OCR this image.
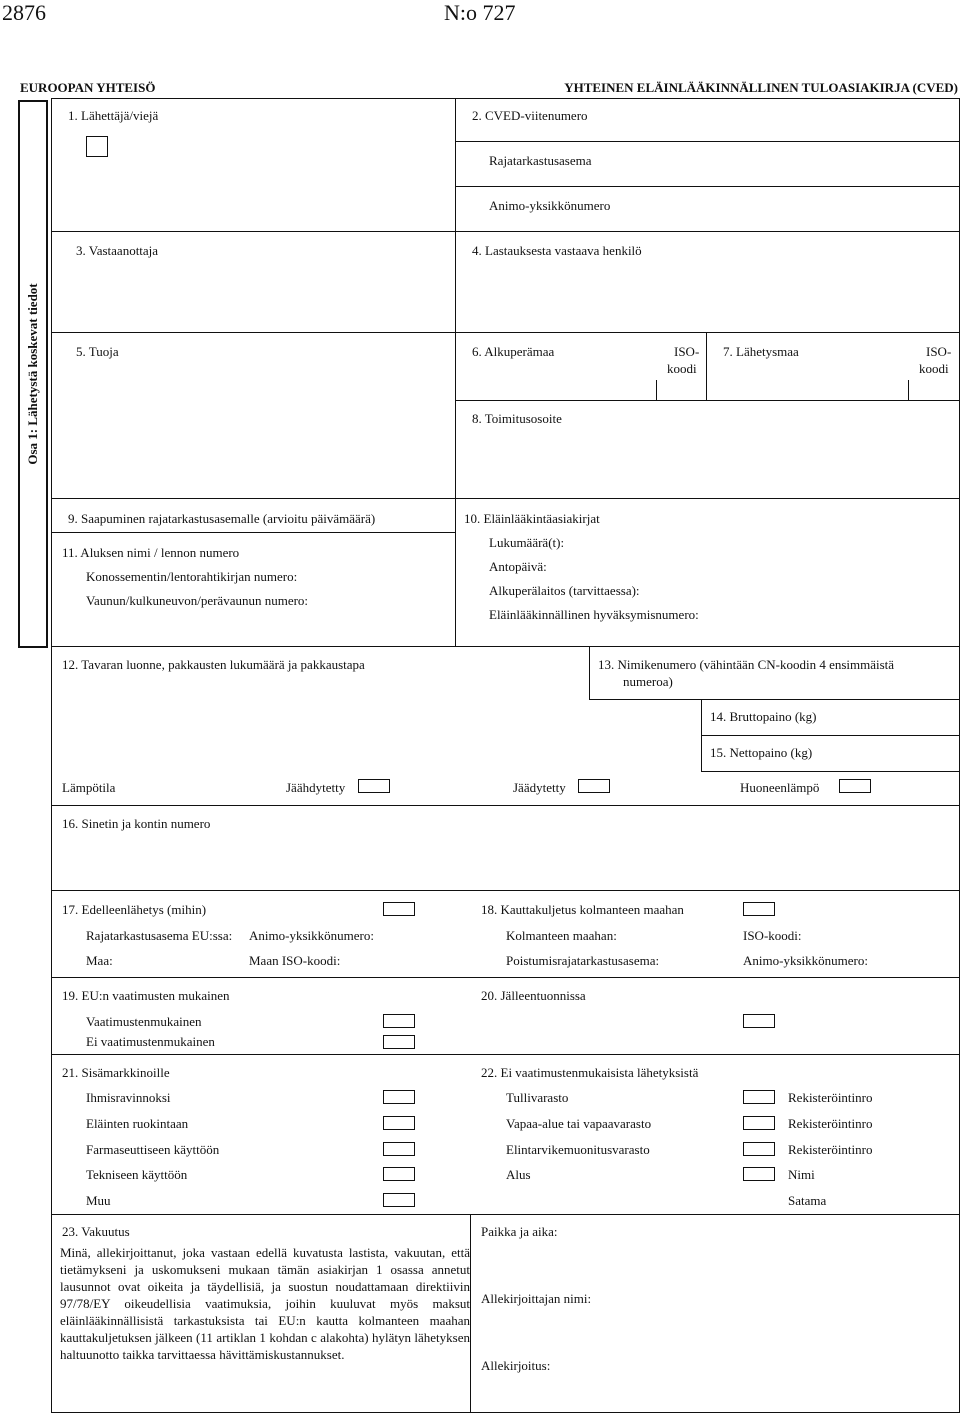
2876	N:o 727
EUROOPAN YHTEISÖ	YHTEINEN ELÄINLÄÄKINNÄLLINEN TULOASIAKIRJA (CVED)
Osa 1: Lähetystä koskevat tiedot
1. Lähettäjä/viejä	2. CVED-viitenumero
Rajatarkastusasema
Animo-yksikkönumero
3. Vastaanottaja	4. Lastauksesta vastaava henkilö
5. Tuoja	6. Alkuperämaa	ISO-
koodi
7. Lähetysmaa	ISO-
koodi
8. Toimitusosoite
9. Saapuminen rajatarkastusasemalle (arvioitu päivämäärä)	10. Eläinlääkintäasiakirjat
Lukumäärä(t):
Antopäivä:
Alkuperälaitos (tarvittaessa):
Eläinlääkinnällinen hyväksymisnumero:
11. Aluksen nimi / lennon numero
Konossementin/lentorahtikirjan numero:
Vaunun/kulkuneuvon/perävaunun numero:
12. Tavaran luonne, pakkausten lukumäärä ja pakkaustapa	13. Nimikenumero (vähintään CN-koodin 4 ensimmäistä
numeroa)
14. Bruttopaino (kg)
15. Nettopaino (kg)
Lämpötila	Jäähdytetty	Jäädytetty	Huoneenlämpö
16. Sinetin ja kontin numero
17. Edelleenlähetys (mihin)
Rajatarkastusasema EU:ssa: Animo-yksikkönumero:
Maa:	Maan ISO-koodi:
18. Kauttakuljetus kolmanteen maahan
Kolmanteen maahan:	ISO-koodi:
Poistumisrajatarkastusasema:	Animo-yksikkönumero:
19. EU:n vaatimusten mukainen
Vaatimustenmukainen
Ei vaatimustenmukainen
20. Jälleentuonnissa
21. Sisämarkkinoille
Ihmisravinnoksi
Eläinten ruokintaan
Farmaseuttiseen käyttöön
Tekniseen käyttöön
Muu
22. Ei vaatimustenmukaisista lähetyksistä
Tullivarasto	Rekisteröintinro
Vapaa-alue tai vapaavarasto	Rekisteröintinro
Elintarvikemuonitusvarasto	Rekisteröintinro
Alus	Nimi
Satama
23. Vakuutus
Minä, allekirjoittanut, joka vastaan edellä kuvatusta lastista, vakuutan, että tietämykseni ja uskomukseni mukaan tämän asiakirjan 1 osassa annetut lausunnot ovat oikeita ja täydellisiä, ja suostun noudattamaan direktiivin 97/78/EY oikeudellisia vaatimuksia, joihin kuuluvat myös maksut eläinlääkinnällisistä tarkastuksista tai EU:n kautta kolmanteen maahan kauttakuljetuksen jälkeen (11 artiklan 1 kohdan c alakohta) hylätyn lähetyksen haltuunotto taikka tarvittaessa hävittämiskustannukset.
Paikka ja aika:
Allekirjoittajan nimi:
Allekirjoitus:
